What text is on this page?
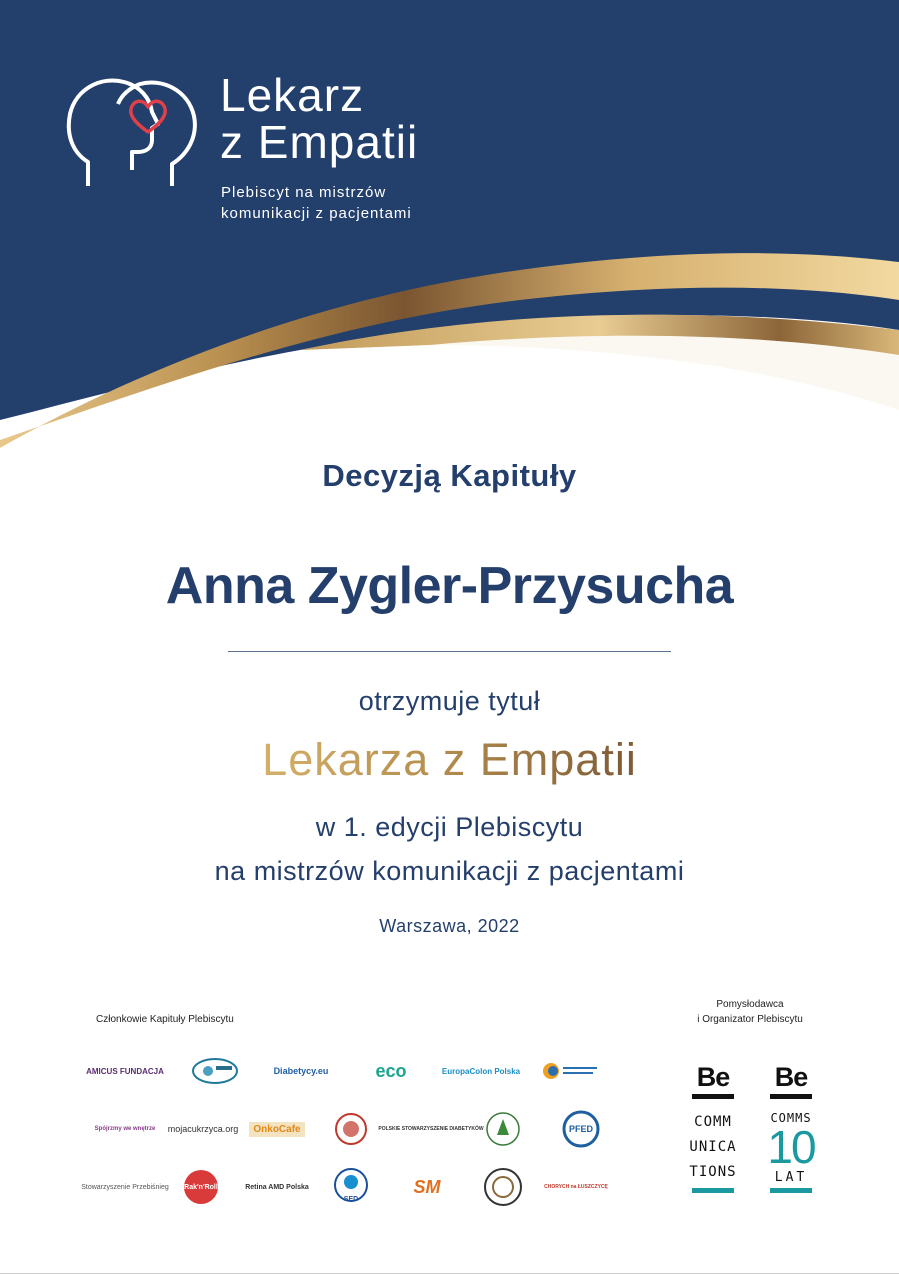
Lekarz
z Empatii
Plebiscyt na mistrzów
komunikacji z pacjentami
Decyzją Kapituły
Anna Zygler-Przysucha
otrzymuje tytuł
Lekarza z Empatii
w 1. edycji Plebiscytu
na mistrzów komunikacji z pacjentami
Warszawa, 2022
Członkowie Kapituły Plebiscytu
Pomysłodawca
i Organizator Plebiscytu
AMICUS FUNDACJA	Diabetycy.eu	eco	EuropaColon Polska
Spójrzmy we wnętrze mojacukrzyca.org	OnkoCafe	POLSKIE STOWARZYSZENIE DIABETYKÓW	PFED
Stowarzyszenie Przebiśnieg Rak'n'Roll	Retina AMD Polska
SED
SM	CHORYCH na ŁUSZCZYCĘ
Be
COMM
UNICA
TIONS
Be
COMMS
10
LAT
